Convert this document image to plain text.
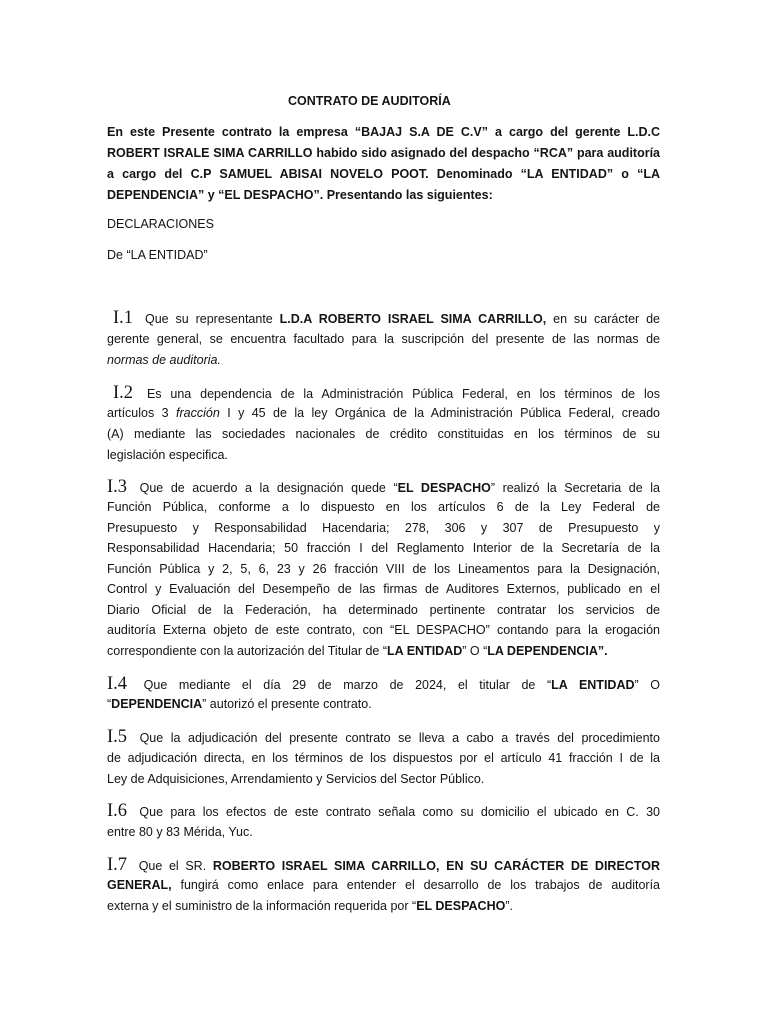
CONTRATO DE AUDITORÍA
En este Presente contrato la empresa “BAJAJ S.A DE C.V” a cargo del gerente L.D.C
ROBERT ISRALE SIMA CARRILLO habido sido asignado del despacho “RCA” para auditoría
a cargo del C.P SAMUEL ABISAI NOVELO POOT. Denominado “LA ENTIDAD” o “LA
DEPENDENCIA” y “EL DESPACHO”. Presentando las siguientes:
DECLARACIONES
De “LA ENTIDAD”
I.1 Que su representante L.D.A ROBERTO ISRAEL SIMA CARRILLO, en su carácter de
gerente general, se encuentra facultado para la suscripción del presente de las normas de
normas de auditoria.
I.2 Es una dependencia de la Administración Pública Federal, en los términos de los
artículos 3 fracción I y 45 de la ley Orgánica de la Administración Pública Federal, creado
(A) mediante las sociedades nacionales de crédito constituidas en los términos de su
legislación especifica.
I.3 Que de acuerdo a la designación quede “EL DESPACHO” realizó la Secretaria de la
Función Pública, conforme a lo dispuesto en los artículos 6 de la Ley Federal de
Presupuesto y Responsabilidad Hacendaria; 278, 306 y 307 de Presupuesto y
Responsabilidad Hacendaria; 50 fracción I del Reglamento Interior de la Secretaría de la
Función Pública y 2, 5, 6, 23 y 26 fracción VIII de los Lineamentos para la Designación,
Control y Evaluación del Desempeño de las firmas de Auditores Externos, publicado en el
Diario Oficial de la Federación, ha determinado pertinente contratar los servicios de
auditoría Externa objeto de este contrato, con “EL DESPACHO” contando para la erogación
correspondiente con la autorización del Titular de “LA ENTIDAD” O “LA DEPENDENCIA”.
I.4 Que mediante el día 29 de marzo de 2024, el titular de “LA ENTIDAD” O
“DEPENDENCIA” autorizó el presente contrato.
I.5 Que la adjudicación del presente contrato se lleva a cabo a través del procedimiento
de adjudicación directa, en los términos de los dispuestos por el artículo 41 fracción I de la
Ley de Adquisiciones, Arrendamiento y Servicios del Sector Público.
I.6 Que para los efectos de este contrato señala como su domicilio el ubicado en C. 30
entre 80 y 83 Mérida, Yuc.
I.7 Que el SR. ROBERTO ISRAEL SIMA CARRILLO, EN SU CARÁCTER DE DIRECTOR
GENERAL, fungirá como enlace para entender el desarrollo de los trabajos de auditoría
externa y el suministro de la información requerida por “EL DESPACHO”.
